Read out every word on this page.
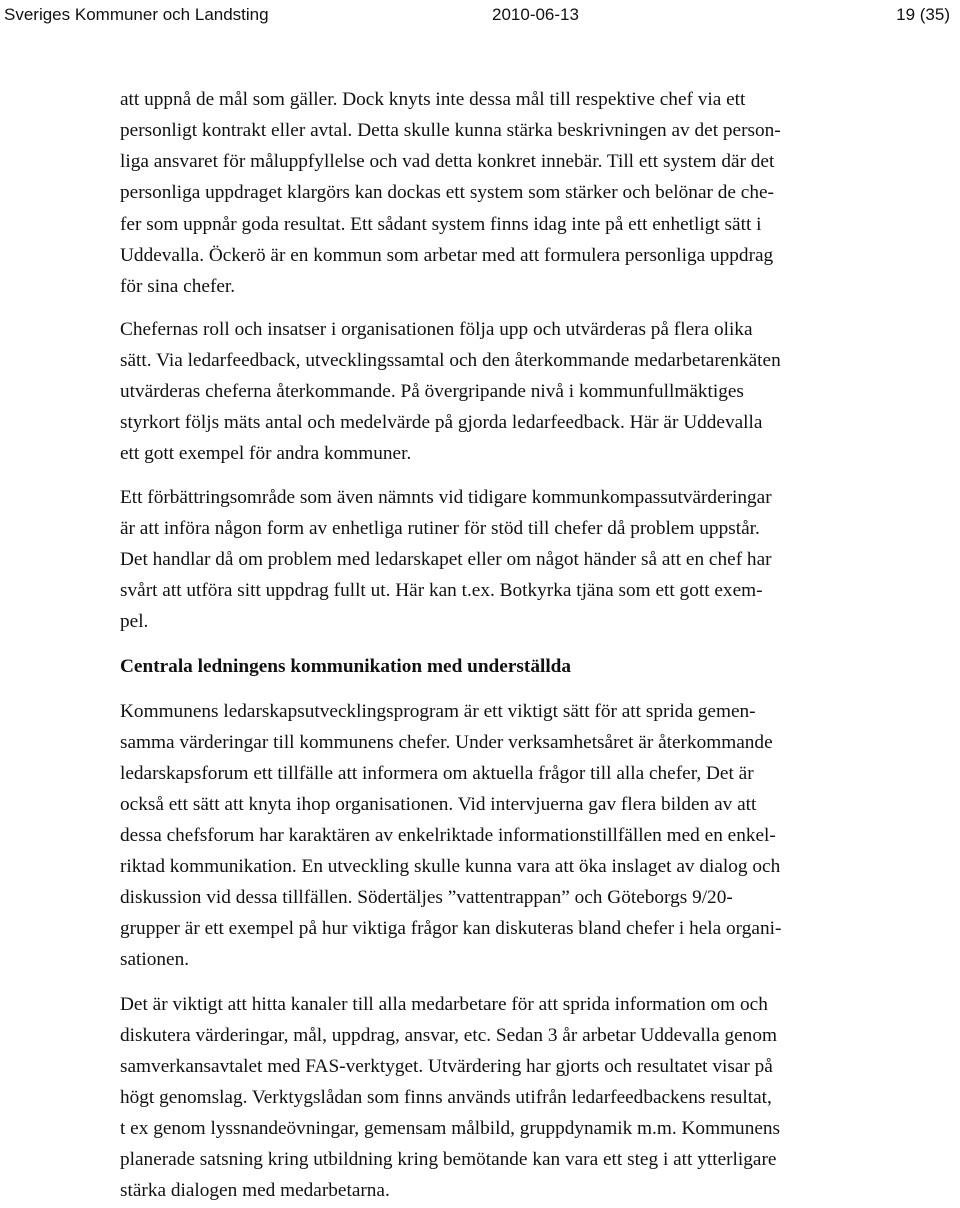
Sveriges Kommuner och Landsting	2010-06-13	19 (35)
att uppnå de mål som gäller. Dock knyts inte dessa mål till respektive chef via ett
personligt kontrakt eller avtal. Detta skulle kunna stärka beskrivningen av det person-
liga ansvaret för måluppfyllelse och vad detta konkret innebär. Till ett system där det
personliga uppdraget klargörs kan dockas ett system som stärker och belönar de che-
fer som uppnår goda resultat. Ett sådant system finns idag inte på ett enhetligt sätt i
Uddevalla. Öckerö är en kommun som arbetar med att formulera personliga uppdrag
för sina chefer.
Chefernas roll och insatser i organisationen följa upp och utvärderas på flera olika
sätt. Via ledarfeedback, utvecklingssamtal och den återkommande medarbetarenkäten
utvärderas cheferna återkommande. På övergripande nivå i kommunfullmäktiges
styrkort följs mäts antal och medelvärde på gjorda ledarfeedback. Här är Uddevalla
ett gott exempel för andra kommuner.
Ett förbättringsområde som även nämnts vid tidigare kommunkompassutvärderingar
är att införa någon form av enhetliga rutiner för stöd till chefer då problem uppstår.
Det handlar då om problem med ledarskapet eller om något händer så att en chef har
svårt att utföra sitt uppdrag fullt ut. Här kan t.ex. Botkyrka tjäna som ett gott exem-
pel.
Centrala ledningens kommunikation med underställda
Kommunens ledarskapsutvecklingsprogram är ett viktigt sätt för att sprida gemen-
samma värderingar till kommunens chefer. Under verksamhetsåret är återkommande
ledarskapsforum ett tillfälle att informera om aktuella frågor till alla chefer, Det är
också ett sätt att knyta ihop organisationen. Vid intervjuerna gav flera bilden av att
dessa chefsforum har karaktären av enkelriktade informationstillfällen med en enkel-
riktad kommunikation. En utveckling skulle kunna vara att öka inslaget av dialog och
diskussion vid dessa tillfällen. Södertäljes ”vattentrappan” och Göteborgs 9/20-
grupper är ett exempel på hur viktiga frågor kan diskuteras bland chefer i hela organi-
sationen.
Det är viktigt att hitta kanaler till alla medarbetare för att sprida information om och
diskutera värderingar, mål, uppdrag, ansvar, etc. Sedan 3 år arbetar Uddevalla genom
samverkansavtalet med FAS-verktyget. Utvärdering har gjorts och resultatet visar på
högt genomslag. Verktygslådan som finns används utifrån ledarfeedbackens resultat,
t ex genom lyssnandeövningar, gemensam målbild, gruppdynamik m.m. Kommunens
planerade satsning kring utbildning kring bemötande kan vara ett steg i att ytterligare
stärka dialogen med medarbetarna.
